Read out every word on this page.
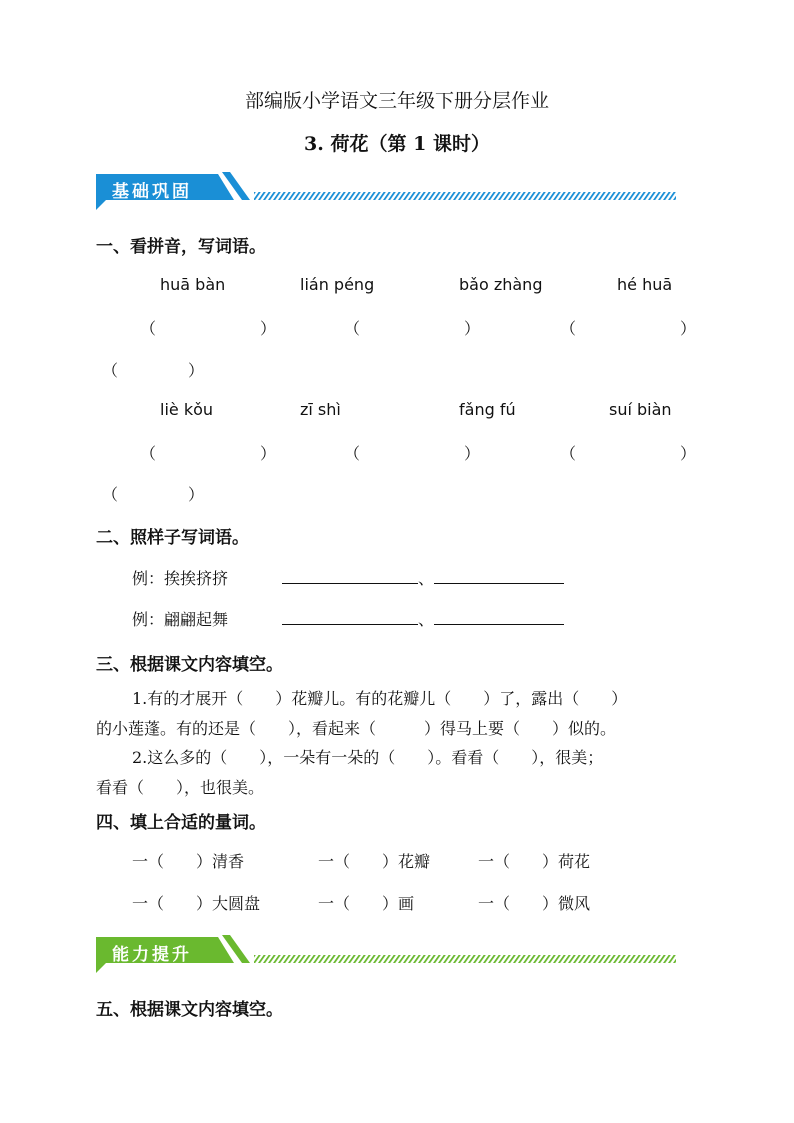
部编版小学语文三年级下册分层作业
3. 荷花（第 1 课时）
基础巩固
一、看拼音，写词语。
huā bàn	lián péng	bǎo zhàng	hé huā
（	）	（	）	（	）
（	）
liè kǒu	zī shì	fǎng fú	suí biàn
（	）	（	）	（	）
（	）
二、照样子写词语。
例：挨挨挤挤	、
例：翩翩起舞	、
三、根据课文内容填空。
1.有的才展开（　　）花瓣儿。有的花瓣儿（　　）了，露出（　　）
的小莲蓬。有的还是（　　），看起来（　　　）得马上要（　　）似的。
2.这么多的（　　），一朵有一朵的（　　）。看看（　　），很美；
看看（　　），也很美。
四、填上合适的量词。
一（　　）清香	一（　　）花瓣	一（　　）荷花
一（　　）大圆盘	一（　　）画	一（　　）微风
能力提升
五、根据课文内容填空。
